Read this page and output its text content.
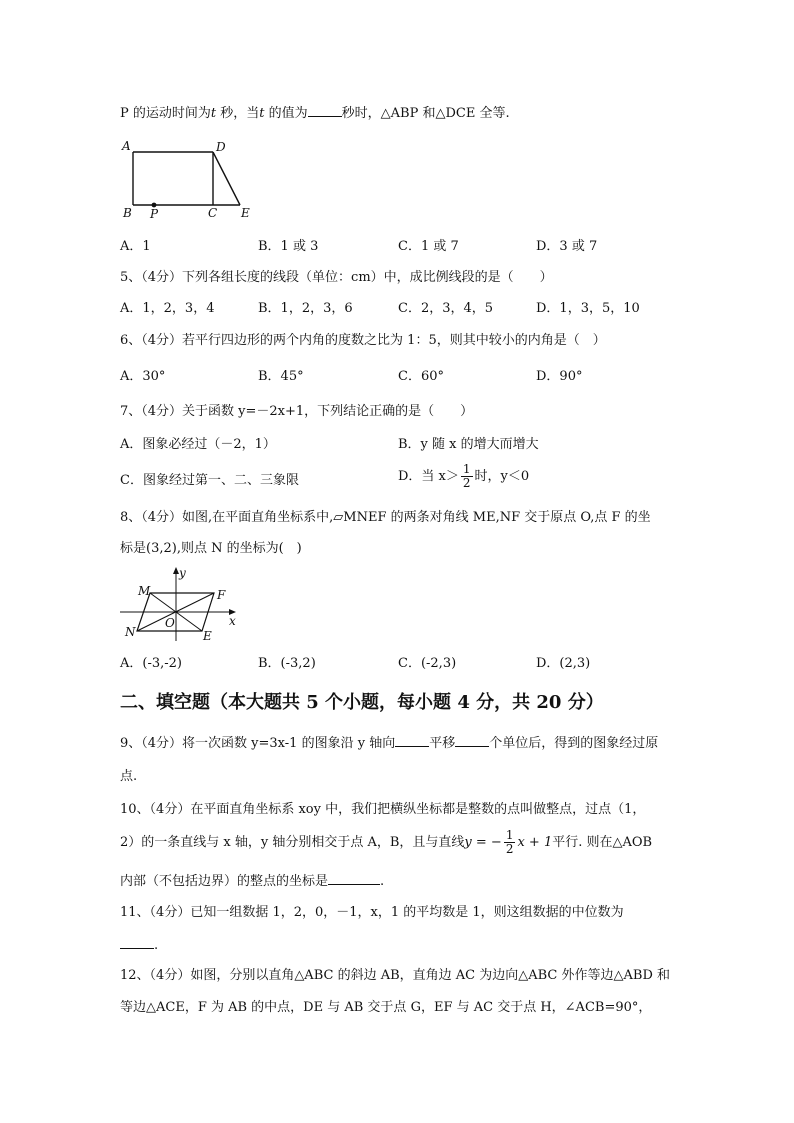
P 的运动时间为t 秒，当t 的值为	秒时，△ABP 和△DCE 全等.
A	D
B P	C E
A．1	B．1 或 3	C．1 或 7	D．3 或 7
5、（4分）下列各组长度的线段（单位：cm）中，成比例线段的是（　　）
A．1，2，3，4	B．1，2，3，6	C．2，3，4，5	D．1，3，5，10
6、（4分）若平行四边形的两个内角的度数之比为 1：5，则其中较小的内角是（　）
A．30°	B．45°	C．60°	D．90°
7、（4分）关于函数 y=－2x+1，下列结论正确的是（　　）
A．图象必经过（－2，1）	B．y 随 x 的增大而增大
C．图象经过第一、二、三象限	D．当 $x> \frac{1}{2}$ 时，y＜0
8、（4分）如图,在平面直角坐标系中,▱MNEF 的两条对角线 ME,NF 交于原点 O,点 F 的坐
标是(3,2),则点 N 的坐标为(　)
y
x
M	F
N
O
E
A．(-3,-2)	B．(-3,2)	C．(-2,3)	D．(2,3)
二、填空题（本大题共 5 个小题，每小题 4 分，共 20 分）
9、（4分）将一次函数 y=3x-1 的图象沿 y 轴向	平移	个单位后，得到的图象经过原
点.
10、（4分）在平面直角坐标系 xoy 中，我们把横纵坐标都是整数的点叫做整点，过点（1，
2）的一条直线与 x 轴，y 轴分别相交于点 A，B，且与直线y = − $\frac{1}{2}$ x + 1平行. 则在△AOB
内部（不包括边界）的整点的坐标是	.
11、（4分）已知一组数据 1，2，0，－1，x，1 的平均数是 1，则这组数据的中位数为
.
12、（4分）如图，分别以直角△ABC 的斜边 AB，直角边 AC 为边向△ABC 外作等边△ABD 和
等边△ACE，F 为 AB 的中点，DE 与 AB 交于点 G，EF 与 AC 交于点 H，∠ACB=90°，
